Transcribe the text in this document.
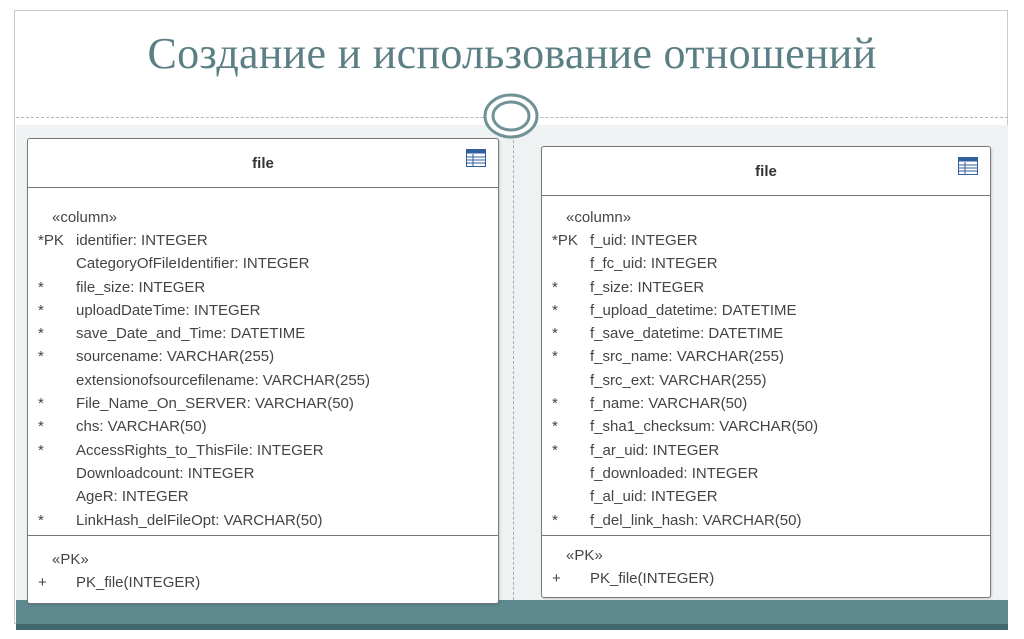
Создание и использование отношений
file
«column»
*PK identifier: INTEGER
CategoryOfFileIdentifier: INTEGER
*	file_size: INTEGER
*	uploadDateTime: INTEGER
*	save_Date_and_Time: DATETIME
*	sourcename: VARCHAR(255)
extensionofsourcefilename: VARCHAR(255)
*	File_Name_On_SERVER: VARCHAR(50)
*	chs: VARCHAR(50)
*	AccessRights_to_ThisFile: INTEGER
Downloadcount: INTEGER
AgeR: INTEGER
*	LinkHash_delFileOpt: VARCHAR(50)
«PK»
+	PK_file(INTEGER)
file
«column»
*PK f_uid: INTEGER
f_fc_uid: INTEGER
*	f_size: INTEGER
*	f_upload_datetime: DATETIME
*	f_save_datetime: DATETIME
*	f_src_name: VARCHAR(255)
f_src_ext: VARCHAR(255)
*	f_name: VARCHAR(50)
*	f_sha1_checksum: VARCHAR(50)
*	f_ar_uid: INTEGER
f_downloaded: INTEGER
f_al_uid: INTEGER
*	f_del_link_hash: VARCHAR(50)
«PK»
+	PK_file(INTEGER)
